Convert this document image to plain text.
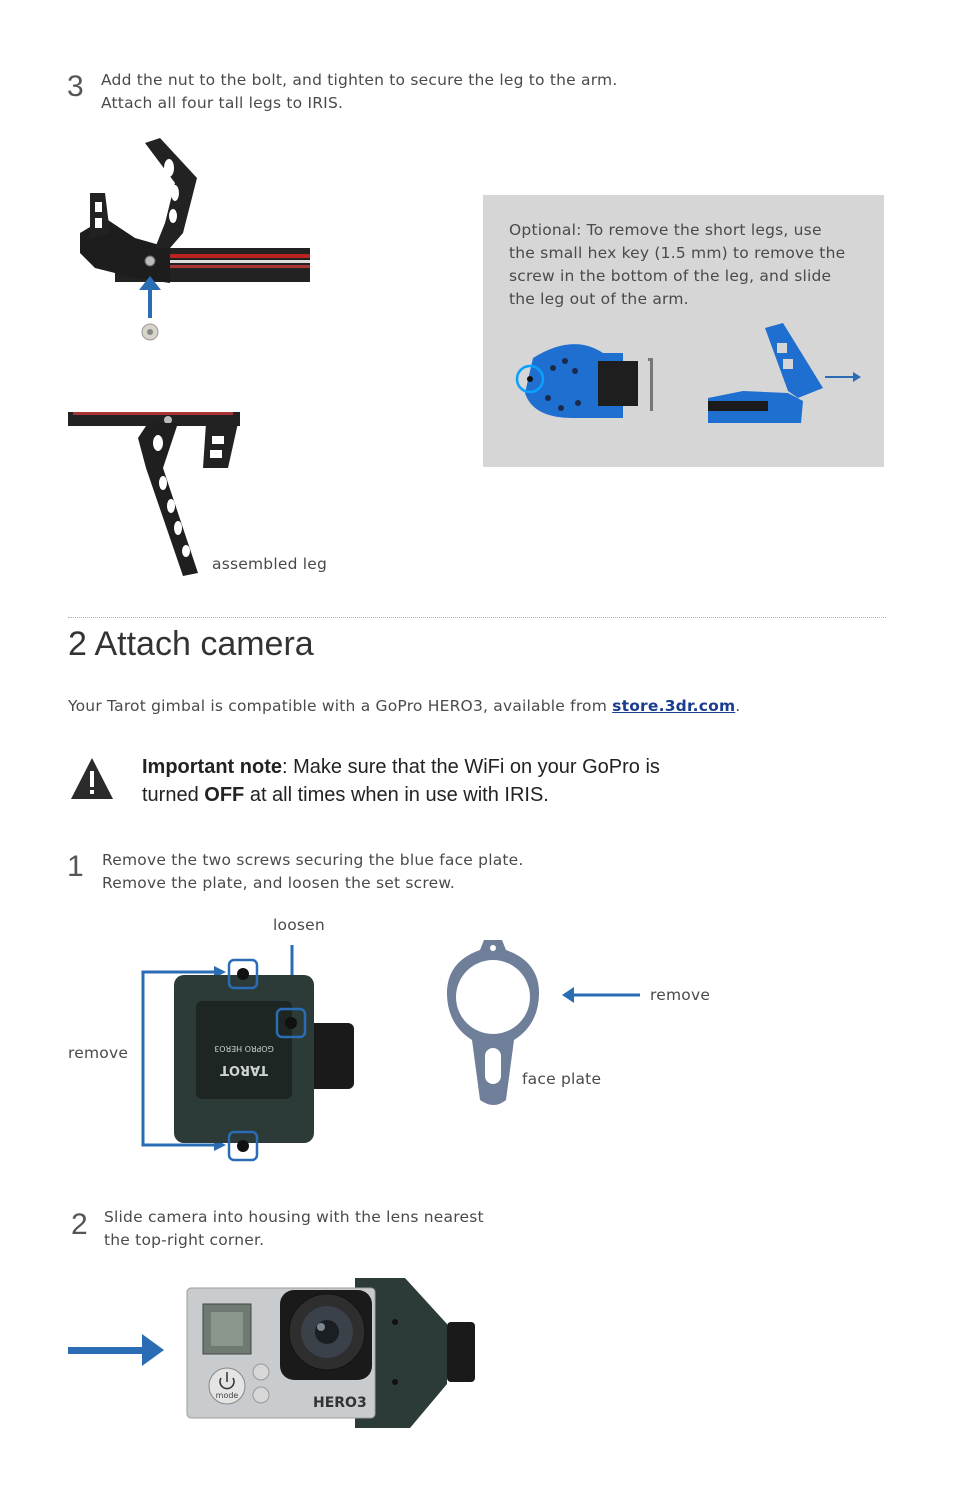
3 Add the nut to the bolt, and tighten to secure the leg to the arm.
Attach all four tall legs to IRIS.
assembled leg
Optional: To remove the short legs, use
the small hex key (1.5 mm) to remove the
screw in the bottom of the leg, and slide
the leg out of the arm.
2 Attach camera
Your Tarot gimbal is compatible with a GoPro HERO3, available from store.3dr.com.
Important note: Make sure that the WiFi on your GoPro is
turned OFF at all times when in use with IRIS.
1 Remove the two screws securing the blue face plate.
Remove the plate, and loosen the set screw.
loosen
remove	GOPRO HERO3
TAROT
remove
face plate
2 Slide camera into housing with the lens nearest
the top-right corner.
mode	HERO3
